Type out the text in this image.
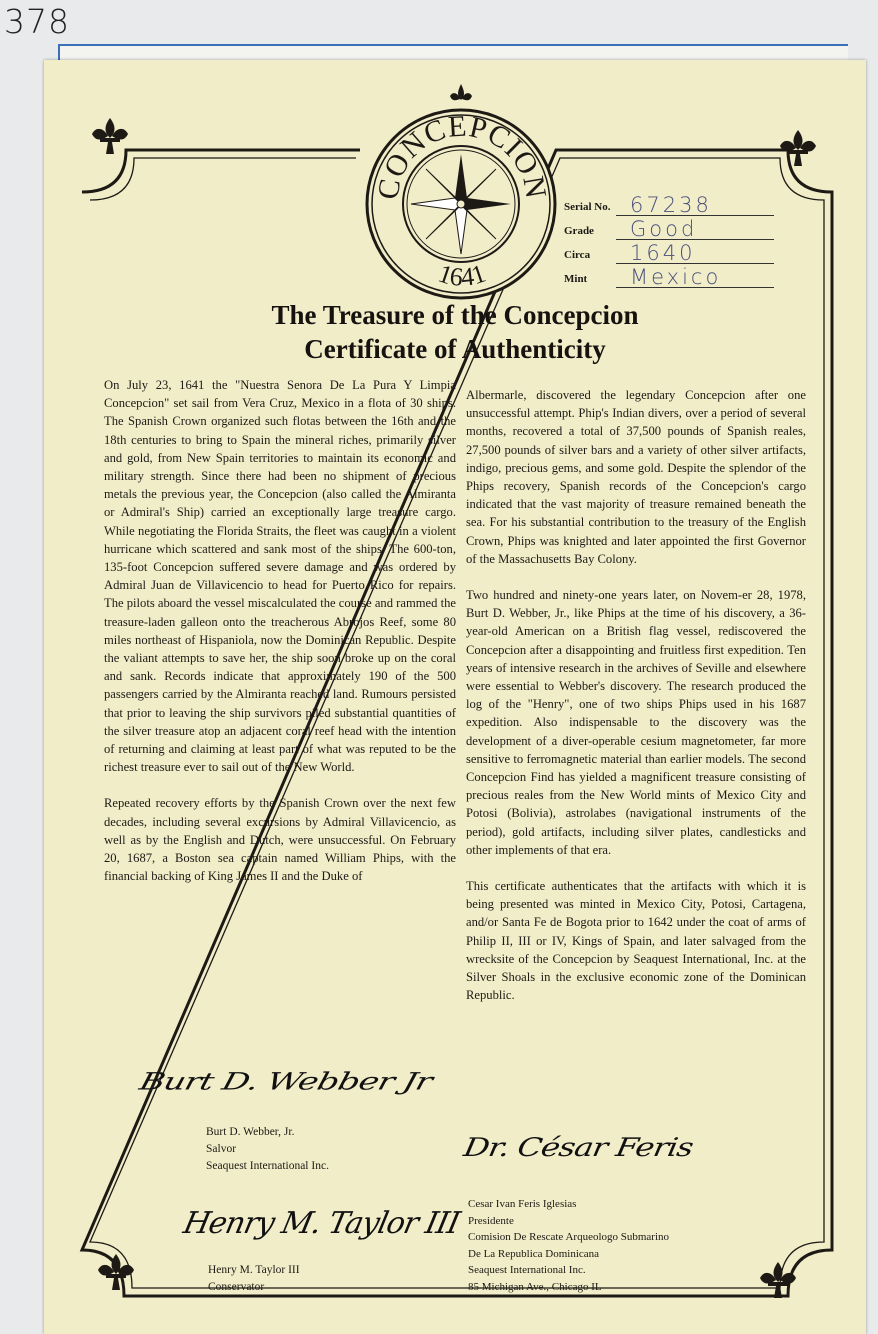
378
CONCEPCION
1641
Serial No. 67238
Grade	Good
Circa	1640
Mint	Mexico
The Treasure of the Concepcion
Certificate of Authenticity

On July 23, 1641 the "Nuestra Senora De La Pura Y Limpia Concepcion" set sail from Vera Cruz, Mexico in a flota of 30 ships. The Spanish Crown organized such flotas between the 16th and the 18th centuries to bring to Spain the mineral riches, primarily silver and gold, from New Spain territories to maintain its economic and military strength. Since there had been no shipment of precious metals the previous year, the Concepcion (also called the Almiranta or Admiral's Ship) carried an exceptionally large treasure cargo. While negotiating the Florida Straits, the fleet was caught in a violent hurricane which scattered and sank most of the ships. The 600-ton, 135-foot Concepcion suffered severe damage and was ordered by Admiral Juan de Villavicencio to head for Puerto Rico for repairs. The pilots aboard the vessel miscalculated the course and rammed the treasure-laden galleon onto the treacherous Abrojos Reef, some 80 miles northeast of Hispaniola, now the Dominican Republic. Despite the valiant attempts to save her, the ship soon broke up on the coral and sank. Records indicate that approximately 190 of the 500 passengers carried by the Almiranta reached land. Rumours persisted that prior to leaving the ship survivors piled substantial quantities of the silver treasure atop an adjacent coral reef head with the intention of returning and claiming at least part of what was reputed to be the richest treasure ever to sail out of the New World.

Repeated recovery efforts by the Spanish Crown over the next few decades, including several excursions by Admiral Villavicencio, as well as by the English and Dutch, were unsuccessful. On February 20, 1687, a Boston sea captain named William Phips, with the financial backing of King James II and the Duke of

Albermarle, discovered the legendary Concepcion after one unsuccessful attempt. Phip's Indian divers, over a period of several months, recovered a total of 37,500 pounds of Spanish reales, 27,500 pounds of silver bars and a variety of other silver artifacts, indigo, precious gems, and some gold. Despite the splendor of the Phips recovery, Spanish records of the Concepcion's cargo indicated that the vast majority of treasure remained beneath the sea. For his substantial contribution to the treasury of the English Crown, Phips was knighted and later appointed the first Governor of the Massachusetts Bay Colony.

Two hundred and ninety-one years later, on Novem-er 28, 1978, Burt D. Webber, Jr., like Phips at the time of his discovery, a 36-year-old American on a British flag vessel, rediscovered the Concepcion after a disappointing and fruitless first expedition. Ten years of intensive research in the archives of Seville and elsewhere were essential to Webber's discovery. The research produced the log of the "Henry", one of two ships Phips used in his 1687 expedition. Also indispensable to the discovery was the development of a diver-operable cesium magnetometer, far more sensitive to ferromagnetic material than earlier models. The second Concepcion Find has yielded a magnificent treasure consisting of precious reales from the New World mints of Mexico City and Potosi (Bolivia), astrolabes (navigational instruments of the period), gold artifacts, including silver plates, candlesticks and other implements of that era.

This certificate authenticates that the artifacts with which it is being presented was minted in Mexico City, Potosi, Cartagena, and/or Santa Fe de Bogota prior to 1642 under the coat of arms of Philip II, III or IV, Kings of Spain, and later salvaged from the wrecksite of the Concepcion by Seaquest International, Inc. at the Silver Shoals in the exclusive economic zone of the Dominican Republic.

Burt D. Webber Jr
Burt D. Webber, Jr.
Salvor
Seaquest International Inc.
Henry M. Taylor III
Henry M. Taylor III
Conservator
Dr. César Feris
Cesar Ivan Feris Iglesias
Presidente
Comision De Rescate Arqueologo Submarino
De La Republica Dominicana
Seaquest International Inc.
85 Michigan Ave., Chicago IL
